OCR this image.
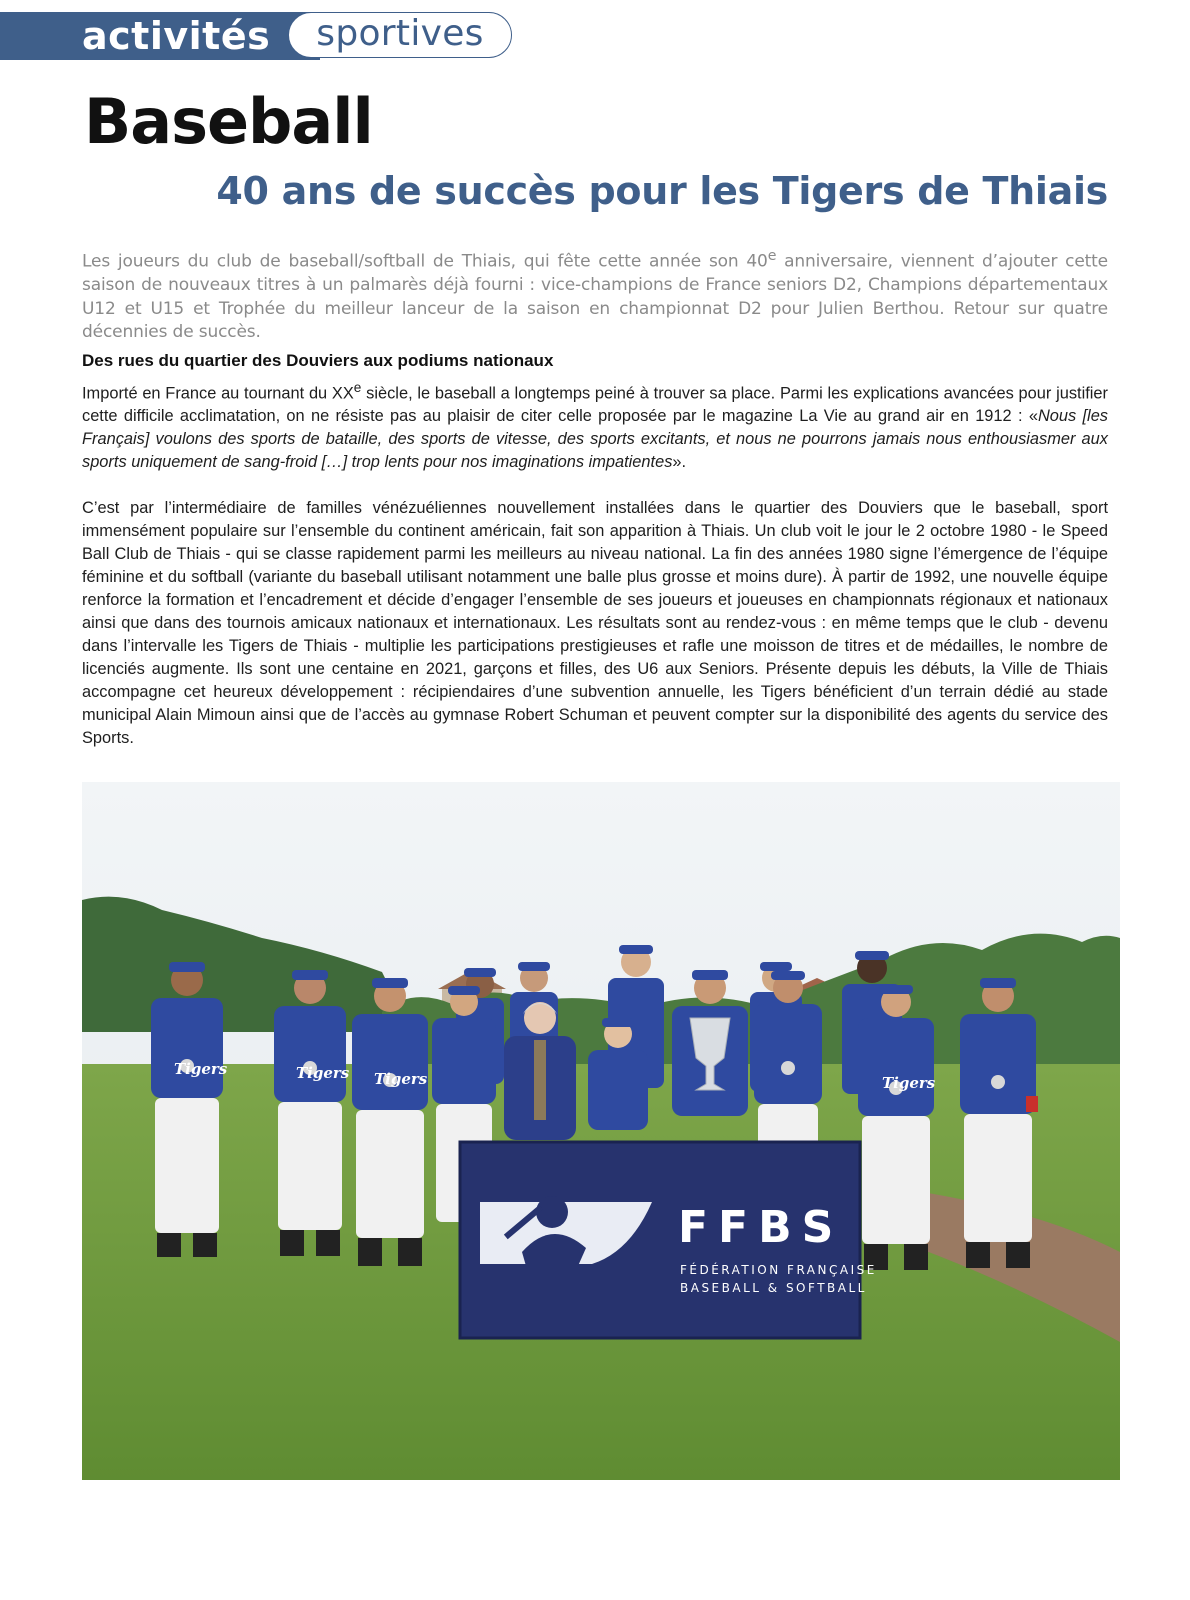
activités	sportives
Baseball
40 ans de succès pour les Tigers de Thiais

Les joueurs du club de baseball/softball de Thiais, qui fête cette année son 40e anniversaire, viennent d’ajouter cette saison de nouveaux titres à un palmarès déjà fourni : vice-champions de France seniors D2, Champions départementaux U12 et U15 et Trophée du meilleur lanceur de la saison en championnat D2 pour Julien Berthou. Retour sur quatre décennies de succès.

Des rues du quartier des Douviers aux podiums nationaux

Importé en France au tournant du XXe siècle, le baseball a longtemps peiné à trouver sa place. Parmi les explications avancées pour justifier cette difficile acclimatation, on ne résiste pas au plaisir de citer celle proposée par le magazine La Vie au grand air en 1912 : «Nous [les Français] voulons des sports de bataille, des sports de vitesse, des sports excitants, et nous ne pourrons jamais nous enthousiasmer aux sports uniquement de sang-froid […] trop lents pour nos imaginations impatientes».

C’est par l’intermédiaire de familles vénézuéliennes nouvellement installées dans le quartier des Douviers que le baseball, sport immensément populaire sur l’ensemble du continent américain, fait son apparition à Thiais. Un club voit le jour le 2 octobre 1980 - le Speed Ball Club de Thiais - qui se classe rapidement parmi les meilleurs au niveau national. La fin des années 1980 signe l’émergence de l’équipe féminine et du softball (variante du baseball utilisant notamment une balle plus grosse et moins dure). À partir de 1992, une nouvelle équipe renforce la formation et l’encadrement et décide d’engager l’ensemble de ses joueurs et joueuses en championnats régionaux et nationaux ainsi que dans des tournois amicaux nationaux et internationaux. Les résultats sont au rendez-vous : en même temps que le club - devenu dans l’intervalle les Tigers de Thiais - multiplie les participations prestigieuses et rafle une moisson de titres et de médailles, le nombre de licenciés augmente. Ils sont une centaine en 2021, garçons et filles, des U6 aux Seniors. Présente depuis les débuts, la Ville de Thiais accompagne cet heureux développement : récipiendaires d’une subvention annuelle, les Tigers bénéficient d’un terrain dédié au stade municipal Alain Mimoun ainsi que de l’accès au gymnase Robert Schuman et peuvent compter sur la disponibilité des agents du service des Sports.

Tigers	Tigers Tigers	Tigers
FFBS
FÉDÉRATION FRANÇAISE
BASEBALL & SOFTBALL
